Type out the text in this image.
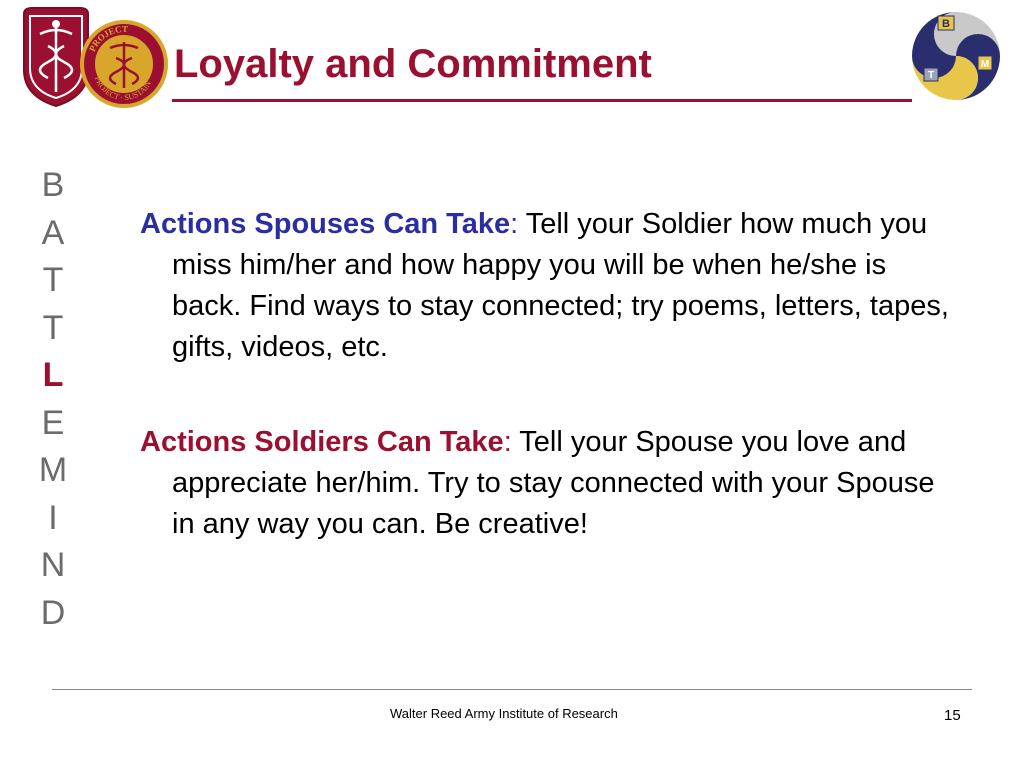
PROJECT
PROJECT · SUSTAIN Loyalty and Commitment
B
T
M
B
A
T
T
L
E
M
I
N
D

Actions Spouses Can Take: Tell your Soldier how much you miss him/her and how happy you will be when he/she is back. Find ways to stay connected; try poems, letters, tapes, gifts, videos, etc.

Actions Soldiers Can Take: Tell your Spouse you love and appreciate her/him. Try to stay connected with your Spouse in any way you can. Be creative!

Walter Reed Army Institute of Research	15
